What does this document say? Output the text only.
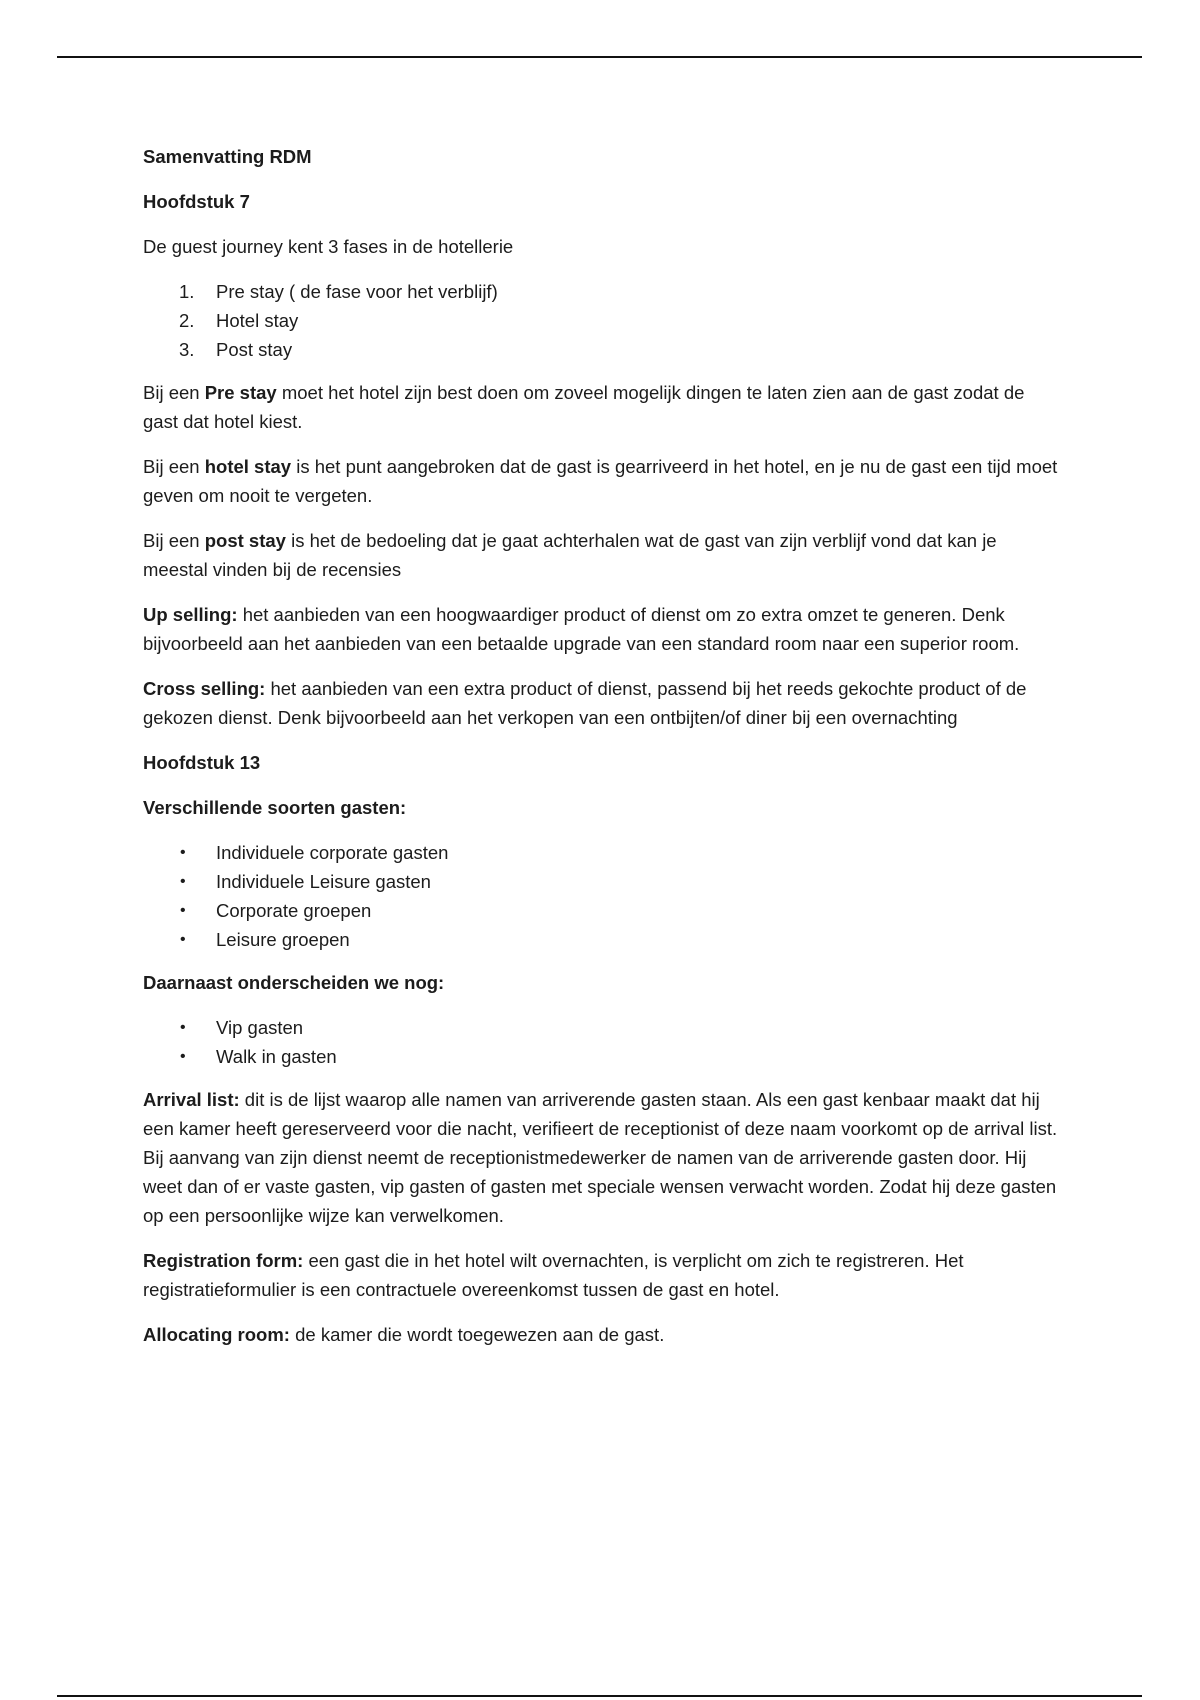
Samenvatting RDM

Hoofdstuk 7

De guest journey kent 3 fases in de hotellerie

1.	Pre stay ( de fase voor het verblijf)
2.	Hotel stay
3.	Post stay

Bij een Pre stay moet het hotel zijn best doen om zoveel mogelijk dingen te laten zien aan de gast zodat de gast dat hotel kiest.

Bij een hotel stay is het punt aangebroken dat de gast is gearriveerd in het hotel, en je nu de gast een tijd moet geven om nooit te vergeten.

Bij een post stay is het de bedoeling dat je gaat achterhalen wat de gast van zijn verblijf vond dat kan je meestal vinden bij de recensies

Up selling: het aanbieden van een hoogwaardiger product of dienst om zo extra omzet te generen. Denk bijvoorbeeld aan het aanbieden van een betaalde upgrade van een standard room naar een superior room.

Cross selling: het aanbieden van een extra product of dienst, passend bij het reeds gekochte product of de gekozen dienst. Denk bijvoorbeeld aan het verkopen van een ontbijten/of diner bij een overnachting

Hoofdstuk 13

Verschillende soorten gasten:

•	Individuele corporate gasten
•	Individuele Leisure gasten
•	Corporate groepen
•	Leisure groepen

Daarnaast onderscheiden we nog:

•	Vip gasten
•	Walk in gasten

Arrival list: dit is de lijst waarop alle namen van arriverende gasten staan. Als een gast kenbaar maakt dat hij een kamer heeft gereserveerd voor die nacht, verifieert de receptionist of deze naam voorkomt op de arrival list. Bij aanvang van zijn dienst neemt de receptionistmedewerker de namen van de arriverende gasten door. Hij weet dan of er vaste gasten, vip gasten of gasten met speciale wensen verwacht worden. Zodat hij deze gasten op een persoonlijke wijze kan verwelkomen.

Registration form: een gast die in het hotel wilt overnachten, is verplicht om zich te registreren. Het registratieformulier is een contractuele overeenkomst tussen de gast en hotel.

Allocating room: de kamer die wordt toegewezen aan de gast.
